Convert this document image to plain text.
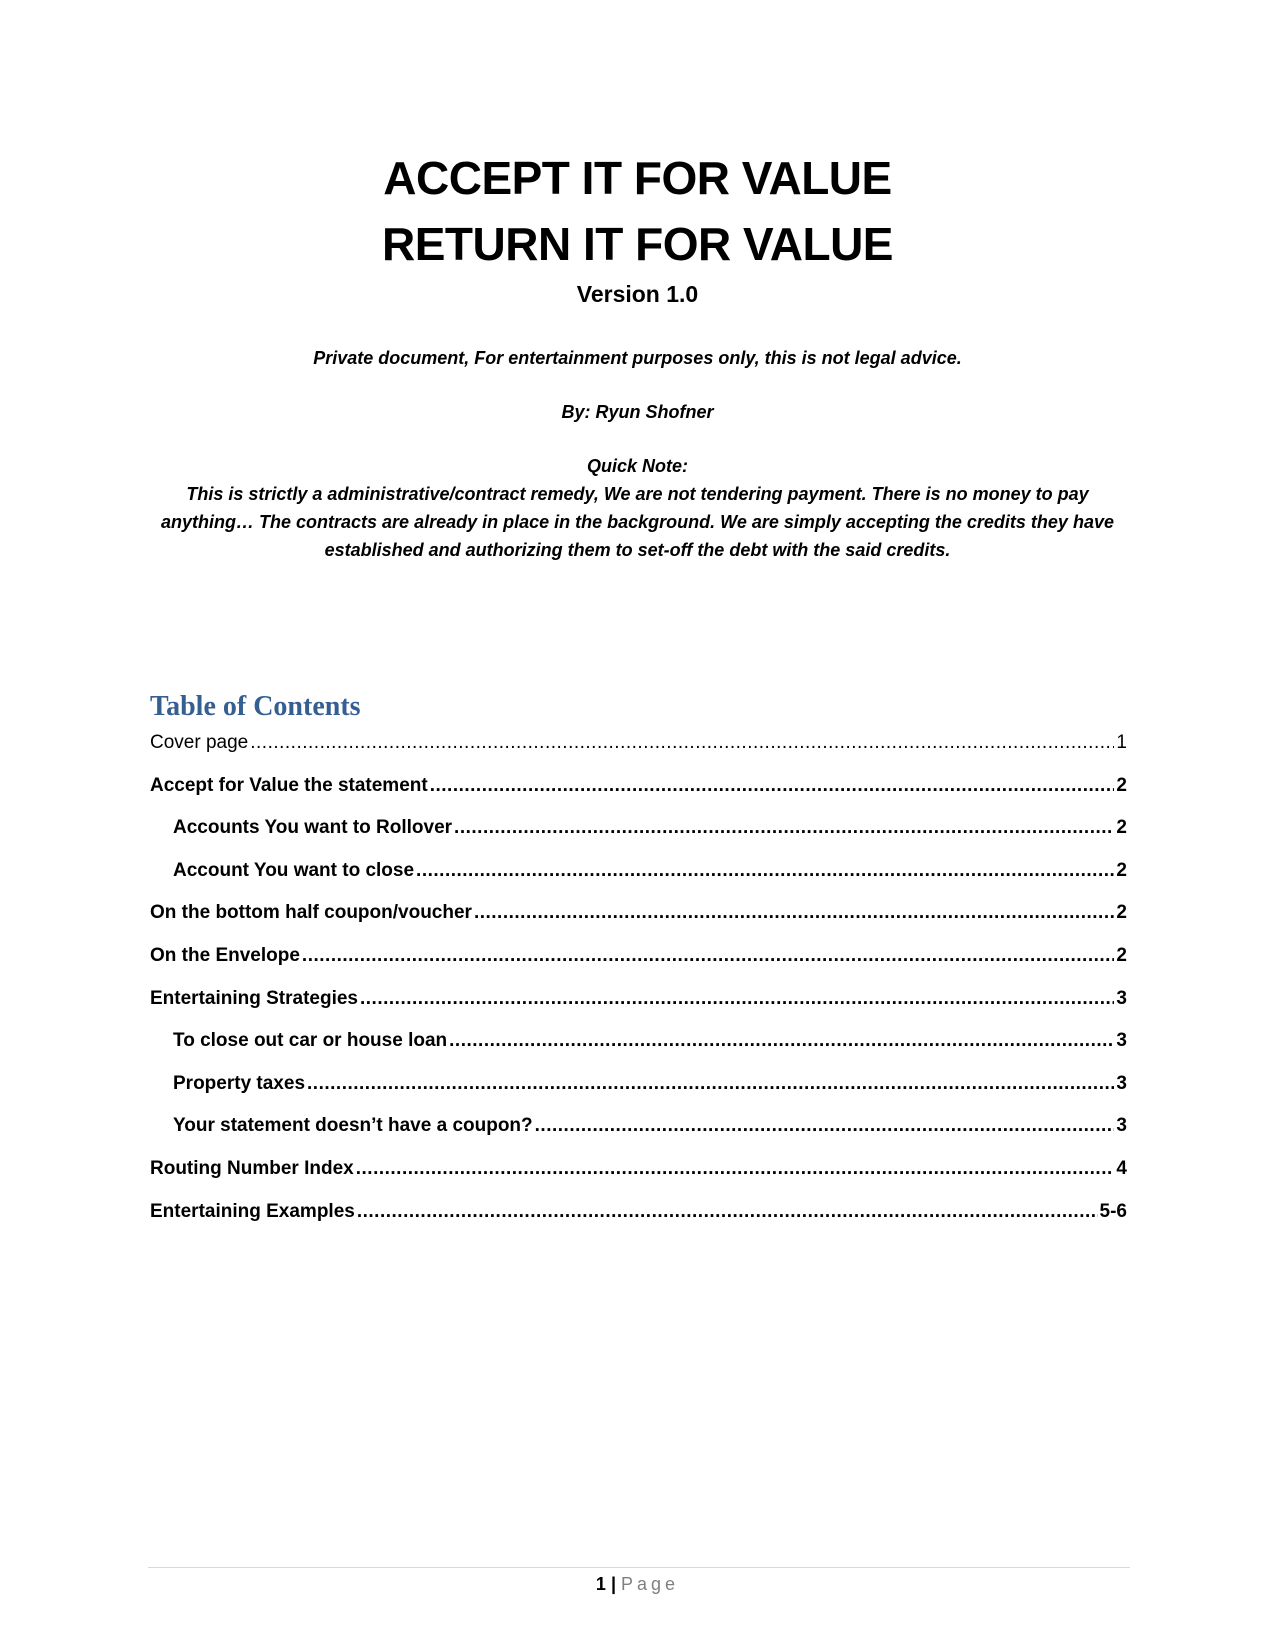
ACCEPT IT FOR VALUE
RETURN IT FOR VALUE
Version 1.0
Private document, For entertainment purposes only, this is not legal advice.
By: Ryun Shofner
Quick Note:
This is strictly a administrative/contract remedy, We are not tendering payment. There is no money to pay anything… The contracts are already in place in the background. We are simply accepting the credits they have established and authorizing them to set-off the debt with the said credits.
Table of Contents
Cover page .....	1
Accept for Value the statement .....	2
Accounts You want to Rollover .....	2
Account You want to close .....	2
On the bottom half coupon/voucher .....	2
On the Envelope .....	2
Entertaining Strategies .....	3
To close out car or house loan .....	3
Property taxes .....	3
Your statement doesn’t have a coupon? .....	3
Routing Number Index .....	4
Entertaining Examples .....	5-6
1 | Page
